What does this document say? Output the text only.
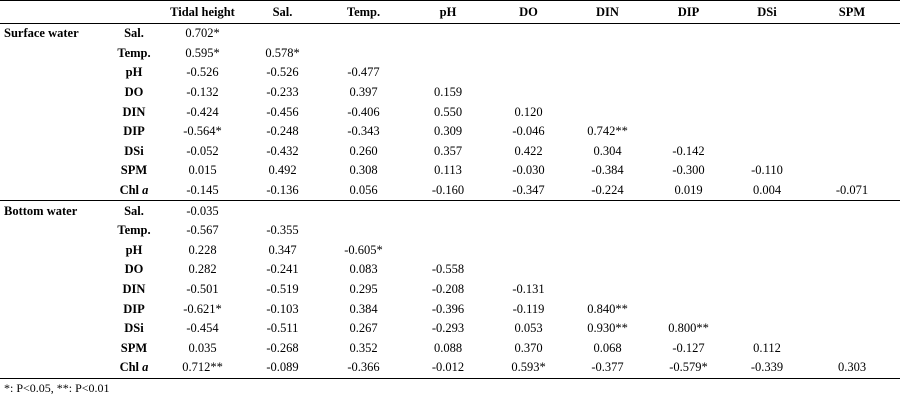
		Tidal height	Sal.	Temp.	pH	DO	DIN	DIP	DSi	SPM
Surface water	Sal.	0.702*								
	Temp.	0.595*	0.578*							
	pH	-0.526	-0.526	-0.477						
	DO	-0.132	-0.233	0.397	0.159					
	DIN	-0.424	-0.456	-0.406	0.550	0.120				
	DIP	-0.564*	-0.248	-0.343	0.309	-0.046	0.742**			
	DSi	-0.052	-0.432	0.260	0.357	0.422	0.304	-0.142		
	SPM	0.015	0.492	0.308	0.113	-0.030	-0.384	-0.300	-0.110	
	Chl a	-0.145	-0.136	0.056	-0.160	-0.347	-0.224	0.019	0.004	-0.071
Bottom water	Sal.	-0.035								
	Temp.	-0.567	-0.355							
	pH	0.228	0.347	-0.605*						
	DO	0.282	-0.241	0.083	-0.558					
	DIN	-0.501	-0.519	0.295	-0.208	-0.131				
	DIP	-0.621*	-0.103	0.384	-0.396	-0.119	0.840**			
	DSi	-0.454	-0.511	0.267	-0.293	0.053	0.930**	0.800**		
	SPM	0.035	-0.268	0.352	0.088	0.370	0.068	-0.127	0.112	
	Chl a	0.712**	-0.089	-0.366	-0.012	0.593*	-0.377	-0.579*	-0.339	0.303
*: P<0.05, **: P<0.01
